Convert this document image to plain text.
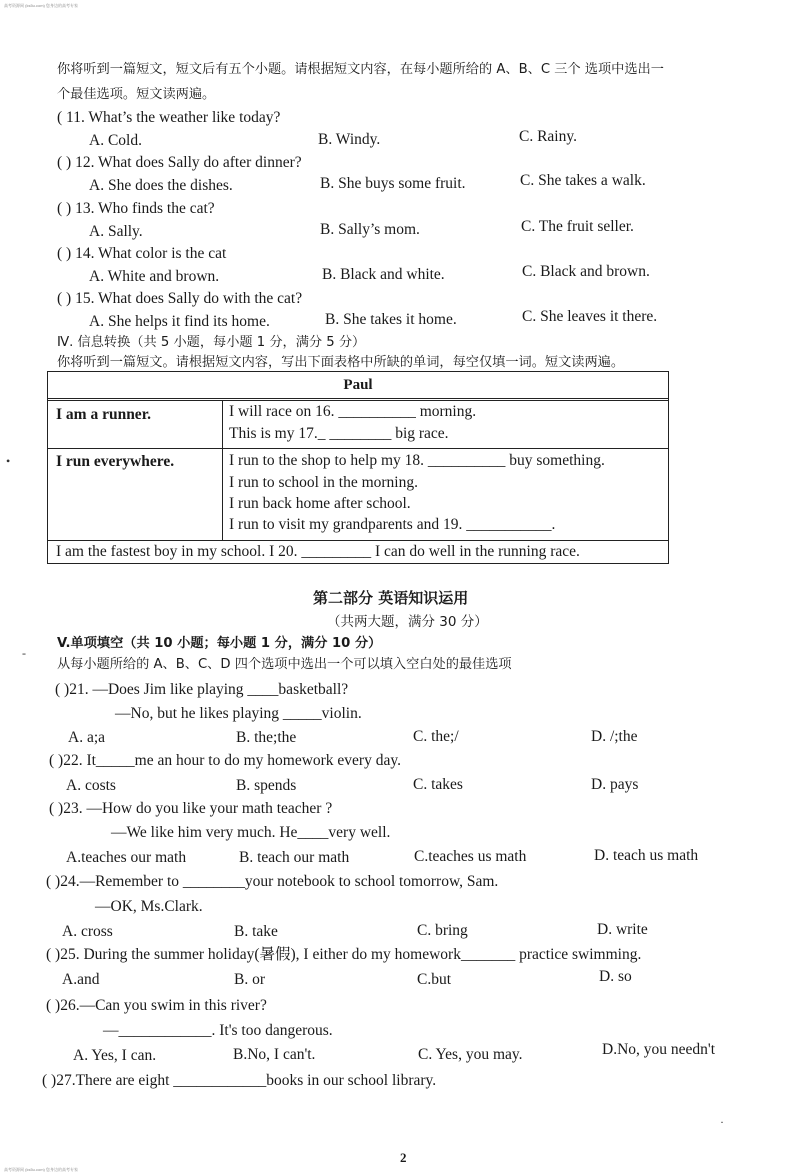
高考资源网 (ks5u.com) 您身边的高考专家
你将听到一篇短文，短文后有五个小题。请根据短文内容，在每小题所给的 A、B、C 三个 选项中选出一
个最佳选项。短文读两遍。
( 11. What’s the weather like today?
A. Cold.	B. Windy.	C. Rainy.
( ) 12. What does Sally do after dinner?
A. She does the dishes.	B. She buys some fruit.	C. She takes a walk.
( ) 13. Who finds the cat?
A. Sally.	B. Sally’s mom.	C. The fruit seller.
( ) 14. What color is the cat
A. White and brown.	B. Black and white.	C. Black and brown.
( ) 15. What does Sally do with the cat?
A. She helps it find its home.	B. She takes it home.	C. She leaves it there.
Ⅳ. 信息转换（共 5 小题，每小题 1 分，满分 5 分）
你将听到一篇短文。请根据短文内容，写出下面表格中所缺的单词，每空仅填一词。短文读两遍。
Paul
I am a runner.	I will race on 16. __________ morning.
This is my 17._ ________ big race.
I run everywhere.	I run to the shop to help my 18. __________ buy something.
I run to school in the morning.
I run back home after school.
I run to visit my grandparents and 19. ___________.
I am the fastest boy in my school. I 20. _________ I can do well in the running race.
第二部分 英语知识运用
（共两大题，满分 30 分）
V.单项填空（共 10 小题；每小题 1 分，满分 10 分）
从每小题所给的 A、B、C、D 四个选项中选出一个可以填入空白处的最佳选项
( )21. —Does Jim like playing ____basketball?
—No, but he likes playing _____violin.
A. a;a	B. the;the	C. the;/	D. /;the
( )22. It_____me an hour to do my homework every day.
A. costs	B. spends	C. takes	D. pays
( )23. —How do you like your math teacher ?
—We like him very much. He____very well.
A.teaches our math	B. teach our math	C.teaches us math	D. teach us math
( )24.—Remember to ________your notebook to school tomorrow, Sam.
—OK, Ms.Clark.
A. cross	B. take	C. bring	D. write
( )25. During the summer holiday(暑假), I either do my homework_______ practice swimming.
A.and	B. or	C.but	D. so
( )26.—Can you swim in this river?
—____________. It's too dangerous.
A. Yes, I can.	B.No, I can't.	C. Yes, you may.	D.No, you needn't
( )27.There are eight ____________books in our school library.
•
‐
·
2
高考资源网 (ks5u.com) 您身边的高考专家
